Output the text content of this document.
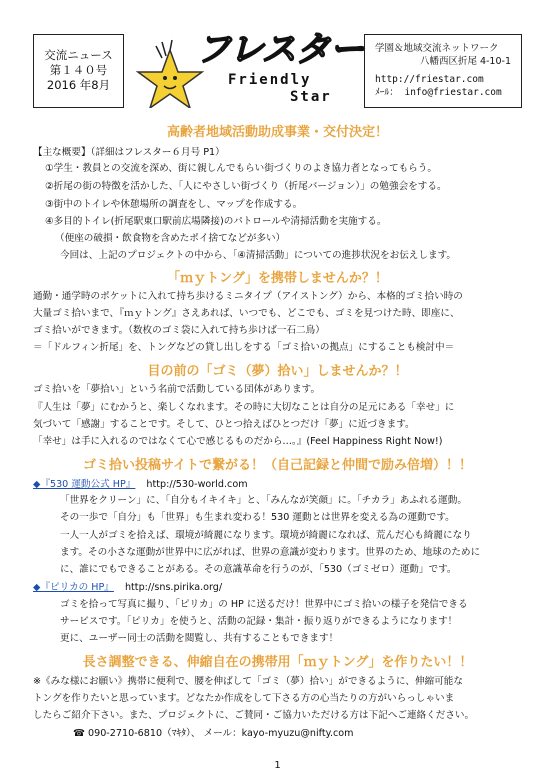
交流ニュース
第１４０号
2016 年8月
フレスター
Friendly
Star
学園＆地域交流ネットワーク
八幡西区折尾 4-10-1
http://friestar.com
ﾒｰﾙ： info@friestar.com
高齢者地域活動助成事業・交付決定！
【主な概要】（詳細はフレスター６月号 P1）
①学生・教員との交流を深め、街に親しんでもらい街づくりのよき協力者となってもらう。
②折尾の街の特徴を活かした、「人にやさしい街づくり（折尾バージョン）」の勉強会をする。
③街中のトイレや休憩場所の調査をし、マップを作成する。
④多目的トイレ(折尾駅東口駅前広場隣接)のパトロールや清掃活動を実施する。
（便座の破損・飲食物を含めたポイ捨てなどが多い）
今回は、上記のプロジェクトの中から、「④清掃活動」についての進捗状況をお伝えします。
「ｍｙトング」を携帯しませんか？！
通勤・通学時のポケットに入れて持ち歩けるミニタイプ（アイストング）から、本格的ゴミ拾い時の
大量ゴミ拾いまで、『ｍｙトング』さえあれば、いつでも、どこでも、ゴミを見つけた時、即座に、
ゴミ拾いができます。（数枚のゴミ袋に入れて持ち歩けば一石二鳥）
＝「ドルフィン折尾」を、トングなどの貸し出しをする「ゴミ拾いの拠点」にすることも検討中＝
目の前の「ゴミ（夢）拾い」しませんか？！
ゴミ拾いを「夢拾い」という名前で活動している団体があります。
『人生は「夢」にむかうと、楽しくなれます。その時に大切なことは自分の足元にある「幸せ」に
気づいて「感謝」することです。そして、ひとつ拾えばひとつだけ「夢」に近づきます。
「幸せ」は手に入れるのではなくて心で感じるものだから…。』(Feel Happiness Right Now!)
ゴミ拾い投稿サイトで繋がる！（自己記録と仲間で励み倍増）！！
◆『530 運動公式 HP』 http://530-world.com
「世界をクリーン」に、「自分もイキイキ」と、「みんなが笑顔」に。「チカラ」あふれる運動。
その一歩で「自分」も「世界」も生まれ変わる！530 運動とは世界を変える為の運動です。
一人一人がゴミを拾えば、環境が綺麗になります。環境が綺麗になれば、荒んだ心も綺麗になり
ます。その小さな運動が世界中に広がれば、世界の意識が変わります。世界のため、地球のために
に、誰にでもできることがある。その意識革命を行うのが、「530（ゴミゼロ）運動」です。
◆『ピリカの HP』 http://sns.pirika.org/
ゴミを拾って写真に撮り、「ピリカ」の HP に送るだけ！世界中にゴミ拾いの様子を発信できる
サービスです。「ピリカ」を使うと、活動の記録・集計・振り返りができるようになります！
更に、ユーザー同士の活動を閲覧し、共有することもできます！
長さ調整できる、伸縮自在の携帯用「ｍｙトング」を作りたい！！
※《みな様にお願い》携帯に便利で、腰を伸ばして「ゴミ（夢）拾い」ができるように、伸縮可能な
トングを作りたいと思っています。どなたか作成をして下さる方の心当たりの方がいらっしゃいま
したらご紹介下さい。また、プロジェクトに、ご賛同・ご協力いただける方は下記へご連絡ください。
☎ 090-2710-6810（ﾏｷﾀ）、 メール：kayo-myuzu@nifty.com
1
